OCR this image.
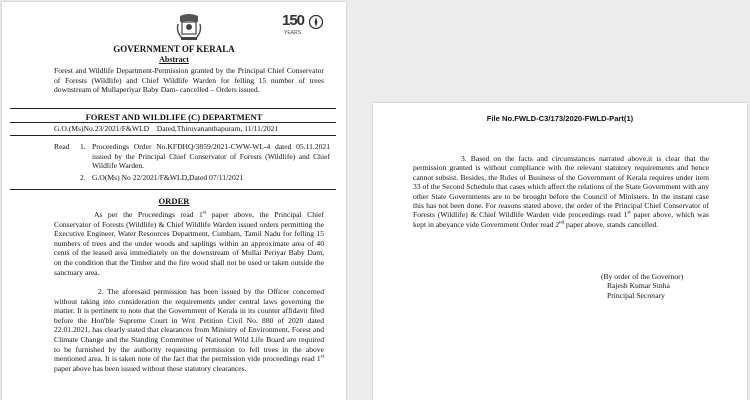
150
YEARS
GOVERNMENT OF KERALA
Abstract
Forest and Wildlife Department-Permission granted by the Principal Chief Conservator of Forests (Wildlife) and Chief Wildlife Warden for felling 15 number of trees downstream of Mullaperiyar Baby Dam- cancelled – Orders issued.
FOREST AND WILDLIFE (C) DEPARTMENT
G.O.(Ms)No.23/2021/F&WLD Dated,Thiruvananthapuram, 11/11/2021
Read 1. Proceedings Order No.KFDHQ/3859/2021-CWW-WL-4 dated 05.11.2021 issued by the Principal Chief Conservator of Forests (Wildlife) and Chief Wildlife Warden.
2. G.O(Ms) No 22/2021/F&WLD,Dated 07/11/2021
ORDER
As per the Proceedings read 1st paper above, the Principal Chief Conservator of Forests (Wildlife) & Chief Wildlife Warden issued orders permitting the Executive Engineer, Water Resources Department, Cumbam, Tamil Nadu for felling 15 numbers of trees and the under woods and saplings within an approximate area of 40 cents of the leased area immediately on the downstream of Mullai Periyar Baby Dam, on the condition that the Timber and the fire wood shall not be used or taken outside the sanctuary area.
2. The aforesaid permission has been issued by the Officer concerned without taking into consideration the requirements under central laws governing the matter. It is pertinent to note that the Government of Kerala in its counter affidavit filed before the Hon'ble Supreme Court in Writ Petition Civil No. 880 of 2020 dated 22.01.2021, has clearly stated that clearances from Ministry of Environment, Forest and Climate Change and the Standing Committee of National Wild Life Board are required to be furnished by the authority requesting permission to fell trees in the above mentioned area. It is taken note of the fact that the permission vide proceedings read 1st paper above has been issued without these statutory clearances.
File No.FWLD-C3/173/2020-FWLD-Part(1)
3. Based on the facts and circumstances narrated above,it is clear that the permission granted is without compliance with the relevant statutory requirements and hence cannot subsist. Besides, the Rules of Business of the Government of Kerala requires under item 33 of the Second Schedule that cases which affect the relations of the State Government with any other State Governments are to be brought before the Council of Ministers. In the instant case this has not been done. For reasons stated above, the order of the Principal Chief Conservator of Forests (Wildlife) & Chief Wildlife Warden vide proceedings read 1st paper above, which was kept in abeyance vide Government Order read 2nd paper above, stands cancelled.
(By order of the Governor)
Rajesh Kumar Sinha
Principal Secretary
